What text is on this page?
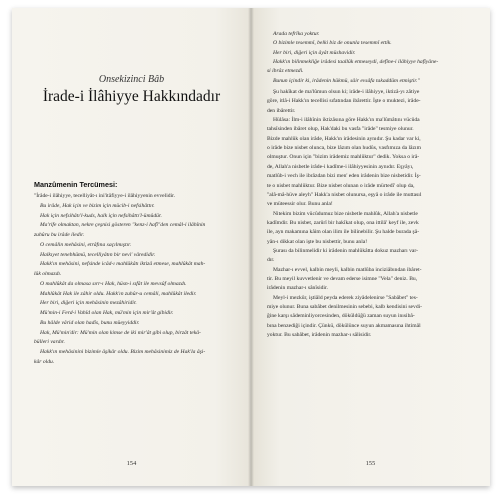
Onsekizinci Bâb
İrade-i İlâhiyye Hakkındadır
Manzûmenin Tercümesi:
"İrâde-i ilâhiyye, tecelliyât-ı ini'itâfiyye-i ilâhiyyenin evvelidir.
Bu irâde, Hak için ve bizim için mücib-i nefsihâttır.
Hak için nefsihâtı'l-kuds, halk için nefsihâttı'l-ümûdür.
Ma'rife olmaktan, nekre çeşnisi gösteren "kenz-i hafî"den cemâl-i ilâhînin
zuhûru bu irâde iledir.
O cemâlin mehâsini, etrâfına saçılmıştır.
Halkıyet tenebhümü, tecelliyâtın bir nevi' vâredidir.
Hakk'ın mehâsini, nefsinde icâd-ı mahlûkâtı iktizâ etmese, mahlûkât mah-
lûk olmazdı.
O mahlûkât da olmasa sırr-ı Hak, hüsn-i sıfât ile mevsûf olmazdı.
Mahlûkât Hak ile zâhir oldu. Hakk'ın zuhûr-u cemâli, mahlûkât iledir.
Her biri, diğeri için mehâsinin mezâhiridir.
Mü'min-i Ferd-i Vahîd olan Hak, mü'min için mir'ât gibidir.
Bu hâlde vârid olan hadîs, bunu müeyyiddir.
Hak, Mü'min'dir: Mü'min olan kimse de iki mir'ât gibi olup, birzât tekâ-
bülleri vardır.
Hakk'ın mehâsinini bizimle âşikâr oldu. Bizim mehâsinimiz de Hak'la âşi-
kâr oldu.
154
Arada tefrîka yoktur.
O bizimle tesemmî, belki biz de onunla tesemmî ettik.
Her biri, diğeri için âyât müshavidir.
Hakk'ın bilinmekliğe irâdesi taallûk etmeseydi, defîne-i ilâhiyye hafîyâne-
si ibrâz etmezdi.
Bunun içindir ki, irâdenin hükmü, sâir evsâfa takaddüm etmiştir."
Şu hakîkat de ma'lûmun olsun ki; irâde-i ilâhiyye, iktizâ-yı zâtiye
göre, itlâ-i Hakk'ın tecellisi sıfatından ibârettir. İşte o muktezi, irâde-
den ibârettir.
Hülâsa: İlm-i ilâhînin iktizâsına göre Hakk'ın ma'lûmâtını vücûda
tahsîsinden ibâret olup, Hak'daki bu vasfa "irâde" tesmiye olunur.
Bizde mahlûk olan irâde, Hakk'ın irâdesinin aynıdır. Şu kadar var ki,
o irâde bize nisbet olunca, bize lâzım olan hudûs, vasfımıza da lâzım
olmuştur. Onun için "bizim irâdemiz mahlûktur" dedik. Yoksa o irâ-
de, Allah'a nisbetle irâde-i kadîme-i ilâhiyyesinin aynıdır. Eşyâyı,
matlûb-i vech ile ibrâzdan bizi men' eden irâdenin bize nisbetidir. İş-
te o nisbet mahlûktur. Bize nisbet olunan o irâde mürtedî' olup da,
"alâ-mâ-hüve aleyh" Hakk'a nisbet olunursa, eşyâ o irâde ile muttasıl
ve müteessir olur. Bunu anla!
Nitekim bizim vücûdumuz bize nisbetle mahlûk, Allah'a nisbetle
kadîmdir. Bu nisbet, zarûrî bir hakîkat olup, ona ittilâ' keyf ile, zevk
ile, ayn makamına kâim olan ilim ile bilinebilir. Şu halde burada şâ-
yân-ı dikkat olan işte bu nisbettir, bunu anla!
Şurası da bilinmelidir ki irâdenin mahlûkâtta dokuz mazharı var-
dır.
Mazhar-ı evvel, kalbin meyli, kalbin matlûba inciziâbından ibâret-
tir. Bu meyil kuvvetlenir ve devam ederse isimne "Vela" deniz. Bu,
irâdenin mazhar-ı sânîsidir.
Meyl-i mezkûr, iştiâld peyda ederek ziyâdelenirse "Sabâbet" tes-
miye olunur. Buna sabâbet denilmesinin sebebi, kalb kendisini sevdi-
ğine karşı sâdeminliyorcesinden, döküldüğü zaman suyun inısibâ-
bına benzediği içindir. Çünkü, dökülünce suyun akmamasına ihtimâl
yoktur. Bu sabâbet, irâdenin mazhar-ı sâlisidir.
155
